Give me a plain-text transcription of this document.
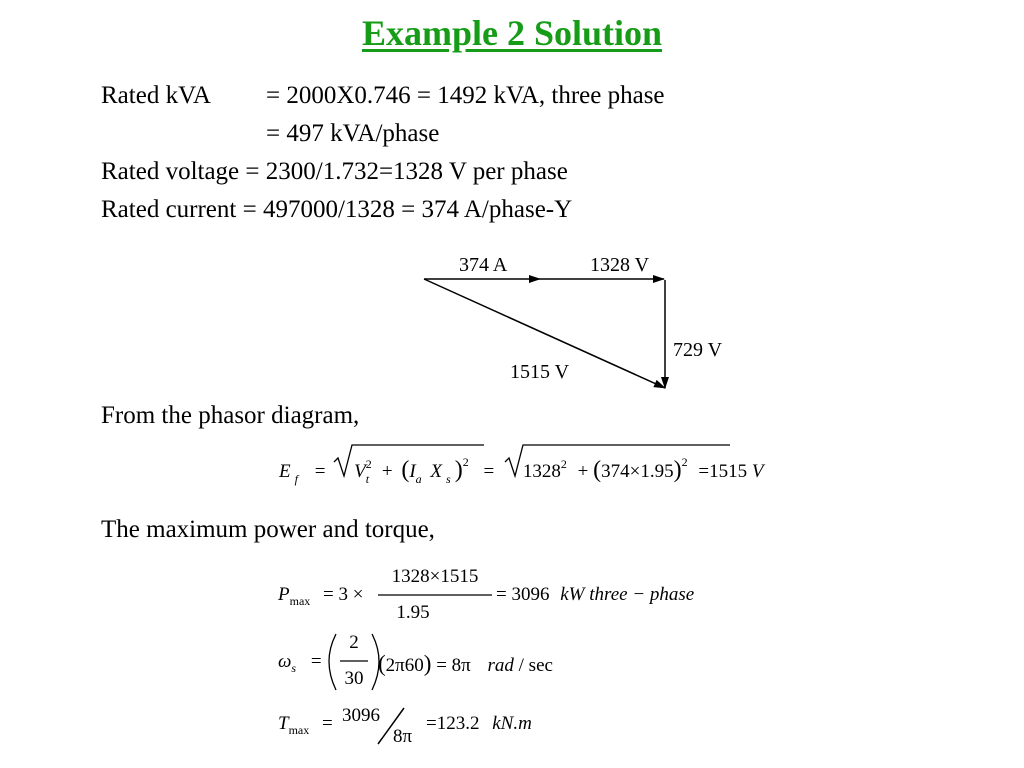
Example 2 Solution
Rated kVA = 2000X0.746 = 1492 kVA, three phase
= 497 kVA/phase
Rated voltage = 2300/1.732=1328 V per phase
Rated current = 497000/1328 = 374 A/phase-Y
374 A	1328 V
729 V
1515 V
From the phasor diagram,
E $_f = V^2_t + (I_a$ X $_s$ )$^2 = 1328^2 + (374\times 1.95)^2 =1515$ V
The maximum power and torque,
$P_{max} = 3$ ×
1328×1515
1.95
= 3096 kW three − phase
$\omega_s$ =
2
30
(2π60) = 8π rad / sec
$T_{max} = 3096$
8π
=123.2 kN.m
